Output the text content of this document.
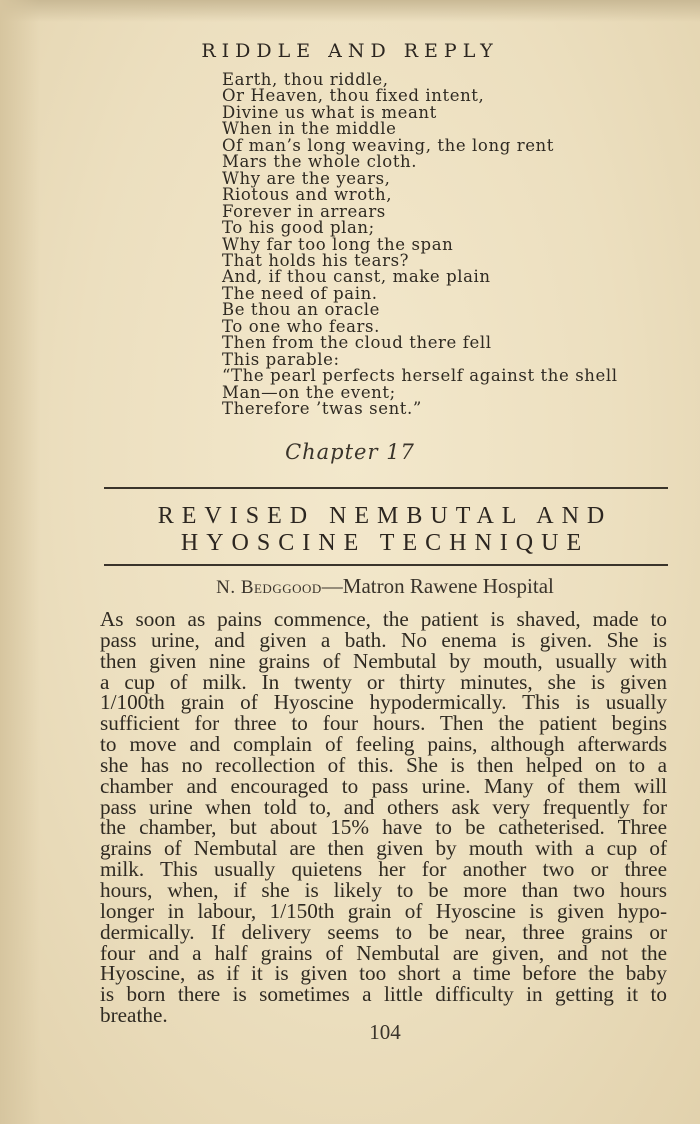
RIDDLE AND REPLY
Earth, thou riddle,
Or Heaven, thou fixed intent,
Divine us what is meant
When in the middle
Of man’s long weaving, the long rent
Mars the whole cloth.
Why are the years,
Riotous and wroth,
Forever in arrears
To his good plan;
Why far too long the span
That holds his tears?
And, if thou canst, make plain
The need of pain.
Be thou an oracle
To one who fears.
Then from the cloud there fell
This parable:
“The pearl perfects herself against the shell
Man—on the event;
Therefore ’twas sent.”
Chapter 17
REVISED NEMBUTAL AND
HYOSCINE TECHNIQUE
N. Bedggood—Matron Rawene Hospital
As soon as pains commence, the patient is shaved, made to
pass urine, and given a bath. No enema is given. She is
then given nine grains of Nembutal by mouth, usually with
a cup of milk. In twenty or thirty minutes, she is given
1/100th grain of Hyoscine hypodermically. This is usually
sufficient for three to four hours. Then the patient begins
to move and complain of feeling pains, although afterwards
she has no recollection of this. She is then helped on to a
chamber and encouraged to pass urine. Many of them will
pass urine when told to, and others ask very frequently for
the chamber, but about 15% have to be catheterised. Three
grains of Nembutal are then given by mouth with a cup of
milk. This usually quietens her for another two or three
hours, when, if she is likely to be more than two hours
longer in labour, 1/150th grain of Hyoscine is given hypo-
dermically. If delivery seems to be near, three grains or
four and a half grains of Nembutal are given, and not the
Hyoscine, as if it is given too short a time before the baby
is born there is sometimes a little difficulty in getting it to
breathe.
104
